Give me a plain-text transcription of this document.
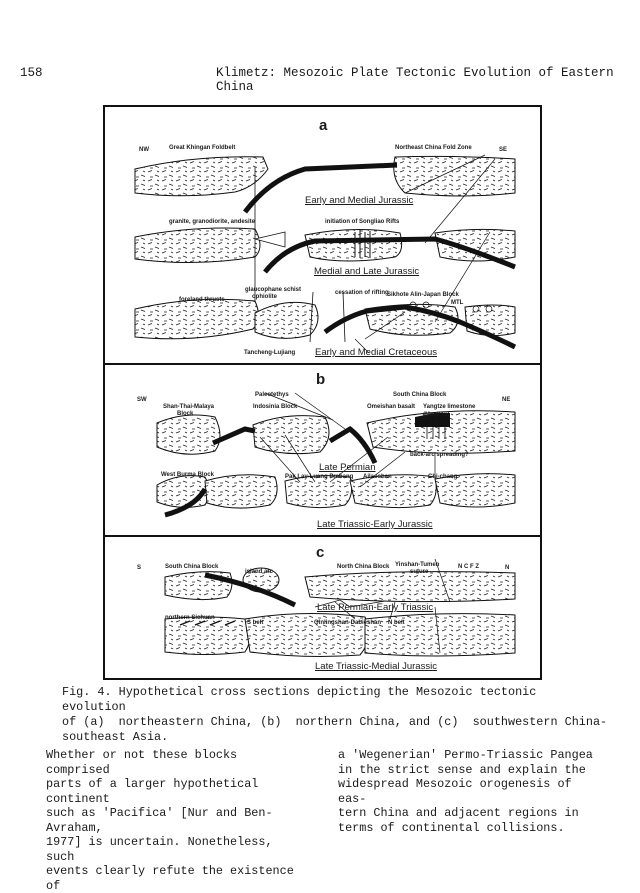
158	Klimetz: Mesozoic Plate Tectonic Evolution of Eastern China
a
NW	SE
Great Khingan Foldbelt	Northeast China Fold Zone
Early and Medial Jurassic
granite, granodiorite, andesite	initiation of Songliao Rifts
Medial and Late Jurassic
glaucophane schist
ophiolite
cessation of rifting
Sikhote Alin-Japan Block
MTL
foreland thrusts
Tancheng-Lujiang Early and Medial Cretaceous
b
SW	NE
Paleotethys	South China Block
Shan-Thai-Malaya
Block
Indosinia Block	Omeishan basalt Yangtze limestone
(Maokou)
back-arc spreading?
Late Permian
West Burma Block	Pak Lay-Luang Prabang Ailaoshan	Chi-chang
Late Triassic-Early Jurassic
c
S	N
South China Block
island arc
North China Block Yinshan-Tumen
suture
N C F Z
Late Permian-Early Triassic
northern Sichuan
S belt	Qinlingshan-Dabieshan N belt
Late Triassic-Medial Jurassic
Fig. 4. Hypothetical cross sections depicting the Mesozoic tectonic evolution
of (a)  northeastern China, (b)  northern China, and (c)  southwestern China-
southeast Asia.
Whether or not these blocks comprised
parts of a larger hypothetical continent
such as 'Pacifica' [Nur and Ben-Avraham,
1977] is uncertain. Nonetheless, such
events clearly refute the existence of
a 'Wegenerian' Permo-Triassic Pangea
in the strict sense and explain the
widespread Mesozoic orogenesis of eas-
tern China and adjacent regions in
terms of continental collisions.
